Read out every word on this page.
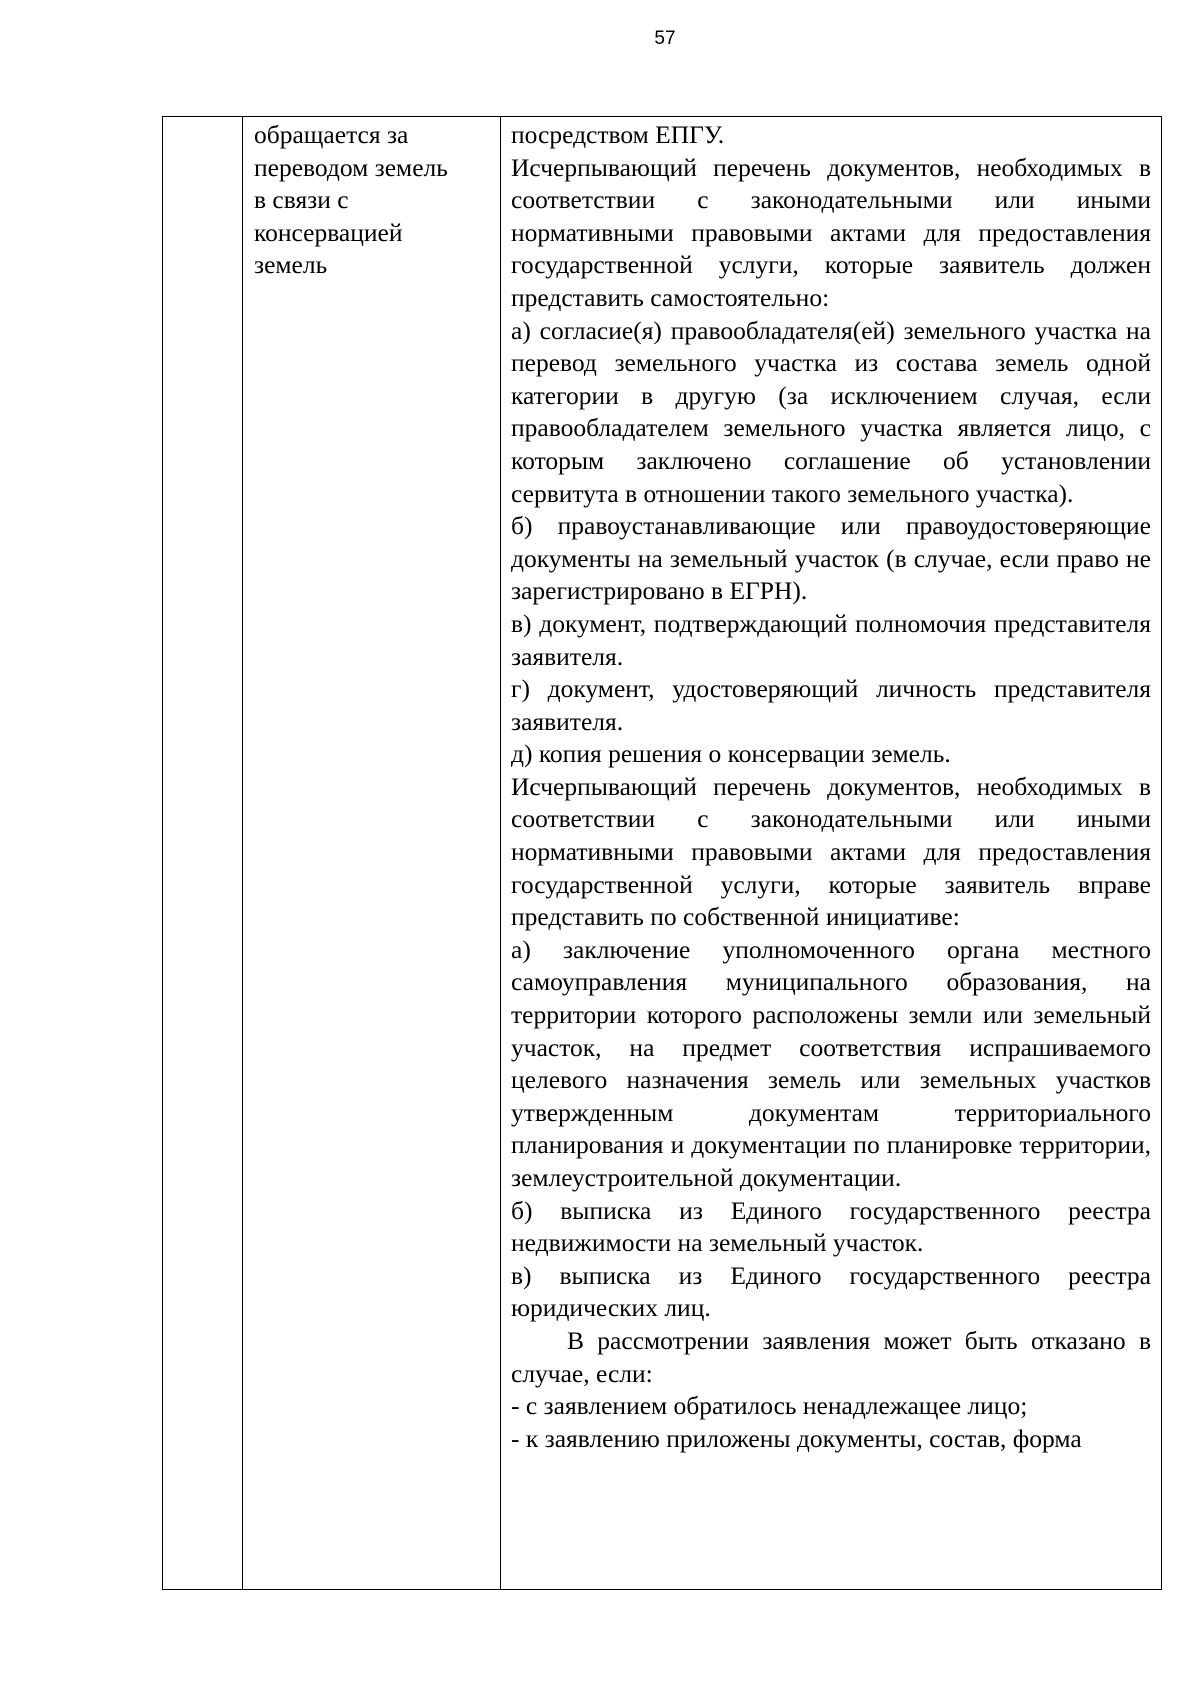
57
обращается за
переводом земель
в связи с
консервацией
земель

посредством ЕПГУ.

Исчерпывающий перечень документов, необходимых в соответствии с законодательными или иными нормативными правовыми актами для предоставления государственной услуги, которые заявитель должен представить самостоятельно:

а) согласие(я) правообладателя(ей) земельного участка на перевод земельного участка из состава земель одной категории в другую (за исключением случая, если правообладателем земельного участка является лицо, с которым заключено соглашение об установлении сервитута в отношении такого земельного участка).

б) правоустанавливающие или правоудостоверяющие документы на земельный участок (в случае, если право не зарегистрировано в ЕГРН).

в) документ, подтверждающий полномочия представителя заявителя.

г) документ, удостоверяющий личность представителя заявителя.

д) копия решения о консервации земель.

Исчерпывающий перечень документов, необходимых в соответствии с законодательными или иными нормативными правовыми актами для предоставления государственной услуги, которые заявитель вправе представить по собственной инициативе:

а) заключение уполномоченного органа местного самоуправления муниципального образования, на территории которого расположены земли или земельный участок, на предмет соответствия испрашиваемого целевого назначения земель или земельных участков утвержденным документам территориального планирования и документации по планировке территории, землеустроительной документации.

б) выписка из Единого государственного реестра недвижимости на земельный участок.

в) выписка из Единого государственного реестра юридических лиц.

В рассмотрении заявления может быть отказано в случае, если:

- с заявлением обратилось ненадлежащее лицо;

- к заявлению приложены документы, состав, форма
